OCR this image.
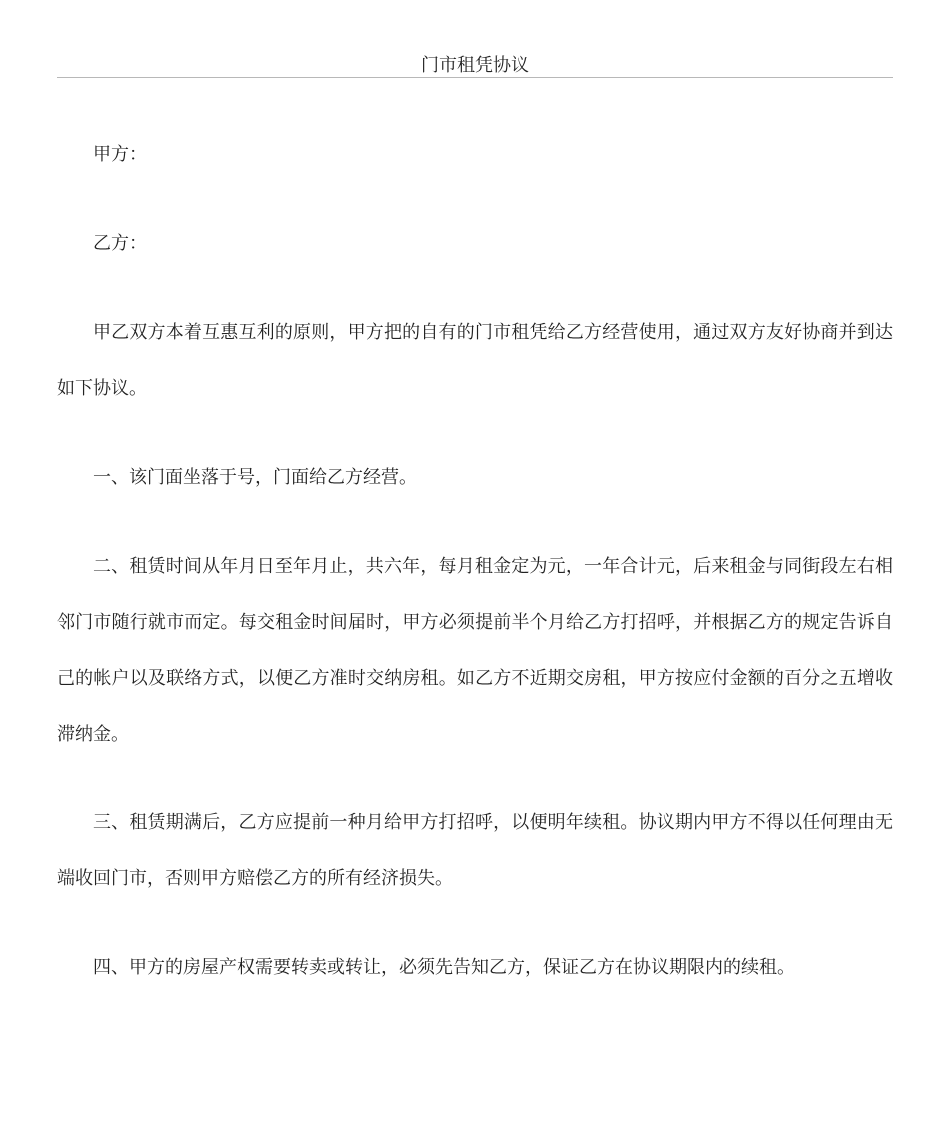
门市租凭协议

甲方：

乙方：

甲乙双方本着互惠互利的原则，甲方把的自有的门市租凭给乙方经营使用，通过双方友好协商并到达如下协议。

一、该门面坐落于号，门面给乙方经营。

二、租赁时间从年月日至年月止，共六年，每月租金定为元，一年合计元，后来租金与同街段左右相邻门市随行就市而定。每交租金时间届时，甲方必须提前半个月给乙方打招呼，并根据乙方的规定告诉自己的帐户以及联络方式，以便乙方准时交纳房租。如乙方不近期交房租，甲方按应付金额的百分之五增收滞纳金。

三、租赁期满后，乙方应提前一种月给甲方打招呼，以便明年续租。协议期内甲方不得以任何理由无端收回门市，否则甲方赔偿乙方的所有经济损失。

四、甲方的房屋产权需要转卖或转让，必须先告知乙方，保证乙方在协议期限内的续租。
